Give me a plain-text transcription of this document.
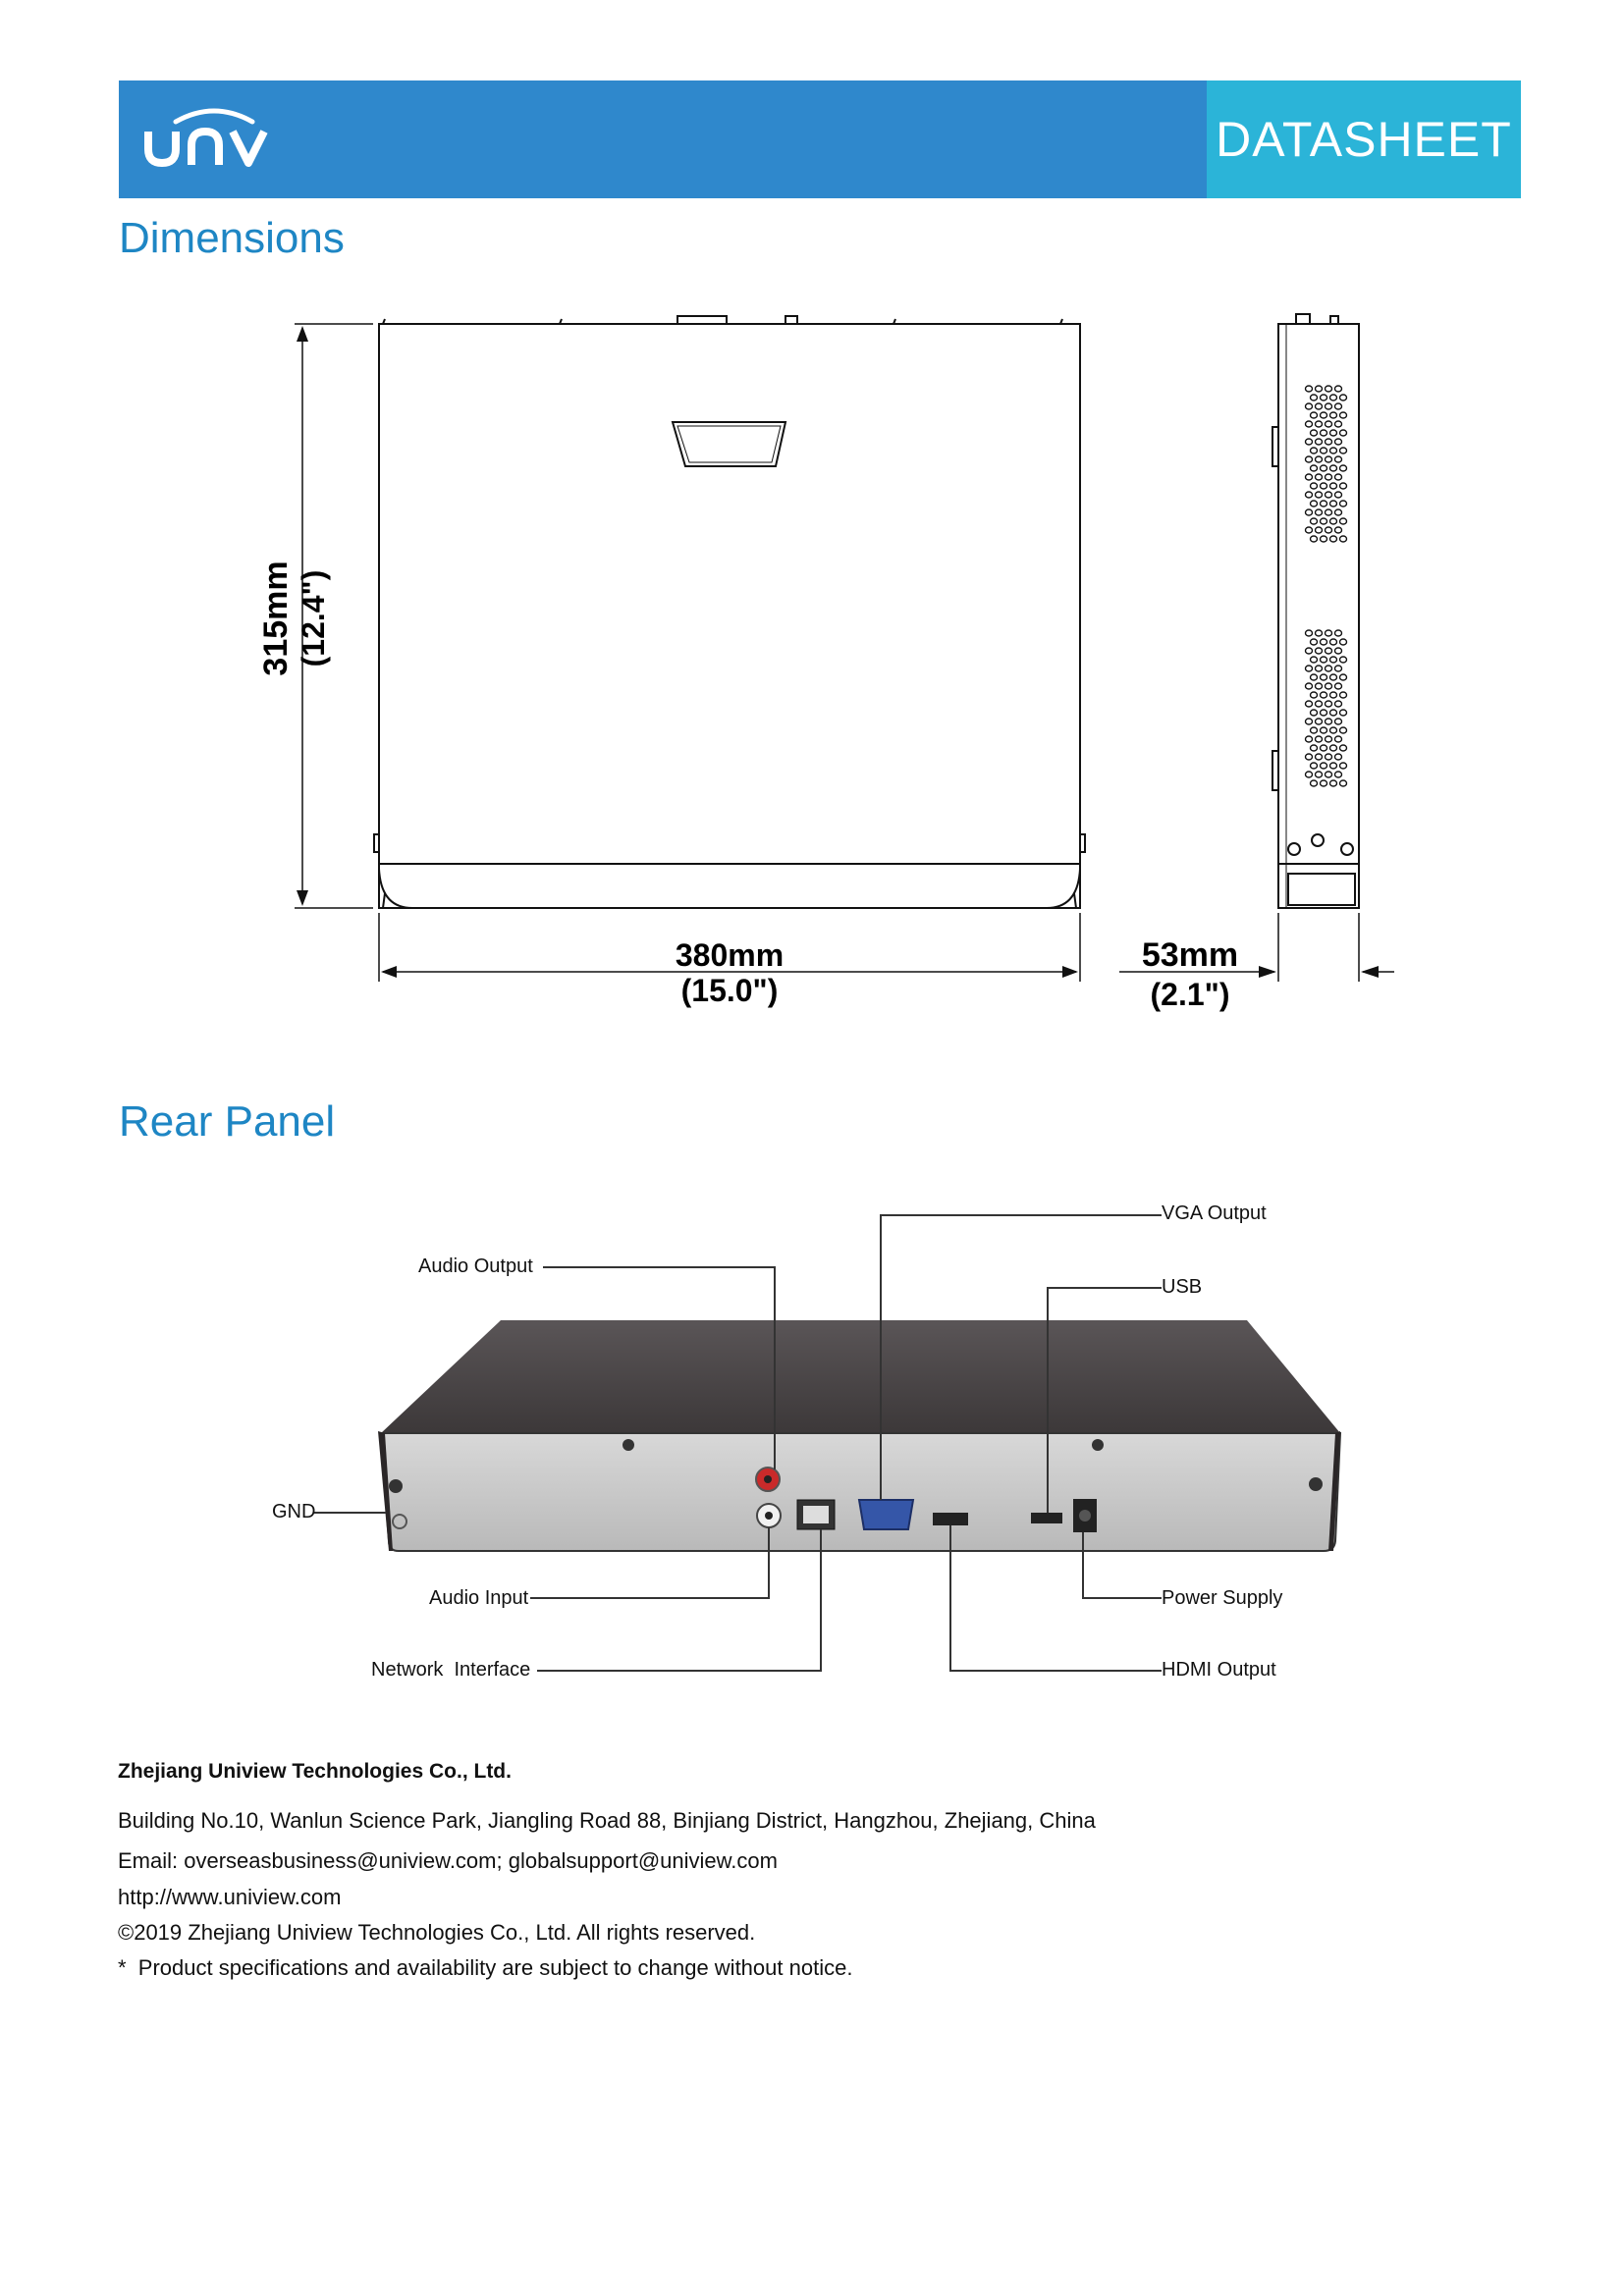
DATASHEET
Dimensions
315mm (12.4")
380mm
(15.0")
53mm
(2.1")
Rear Panel
VGA Output
Audio Output
USB
GND
Audio Input	Power Supply
Network  Interface	HDMI Output
Zhejiang Uniview Technologies Co., Ltd.
Building No.10, Wanlun Science Park, Jiangling Road 88, Binjiang District, Hangzhou, Zhejiang, China
Email: overseasbusiness@uniview.com; globalsupport@uniview.com
http://www.uniview.com
©2019 Zhejiang Uniview Technologies Co., Ltd. All rights reserved.
*  Product specifications and availability are subject to change without notice.
